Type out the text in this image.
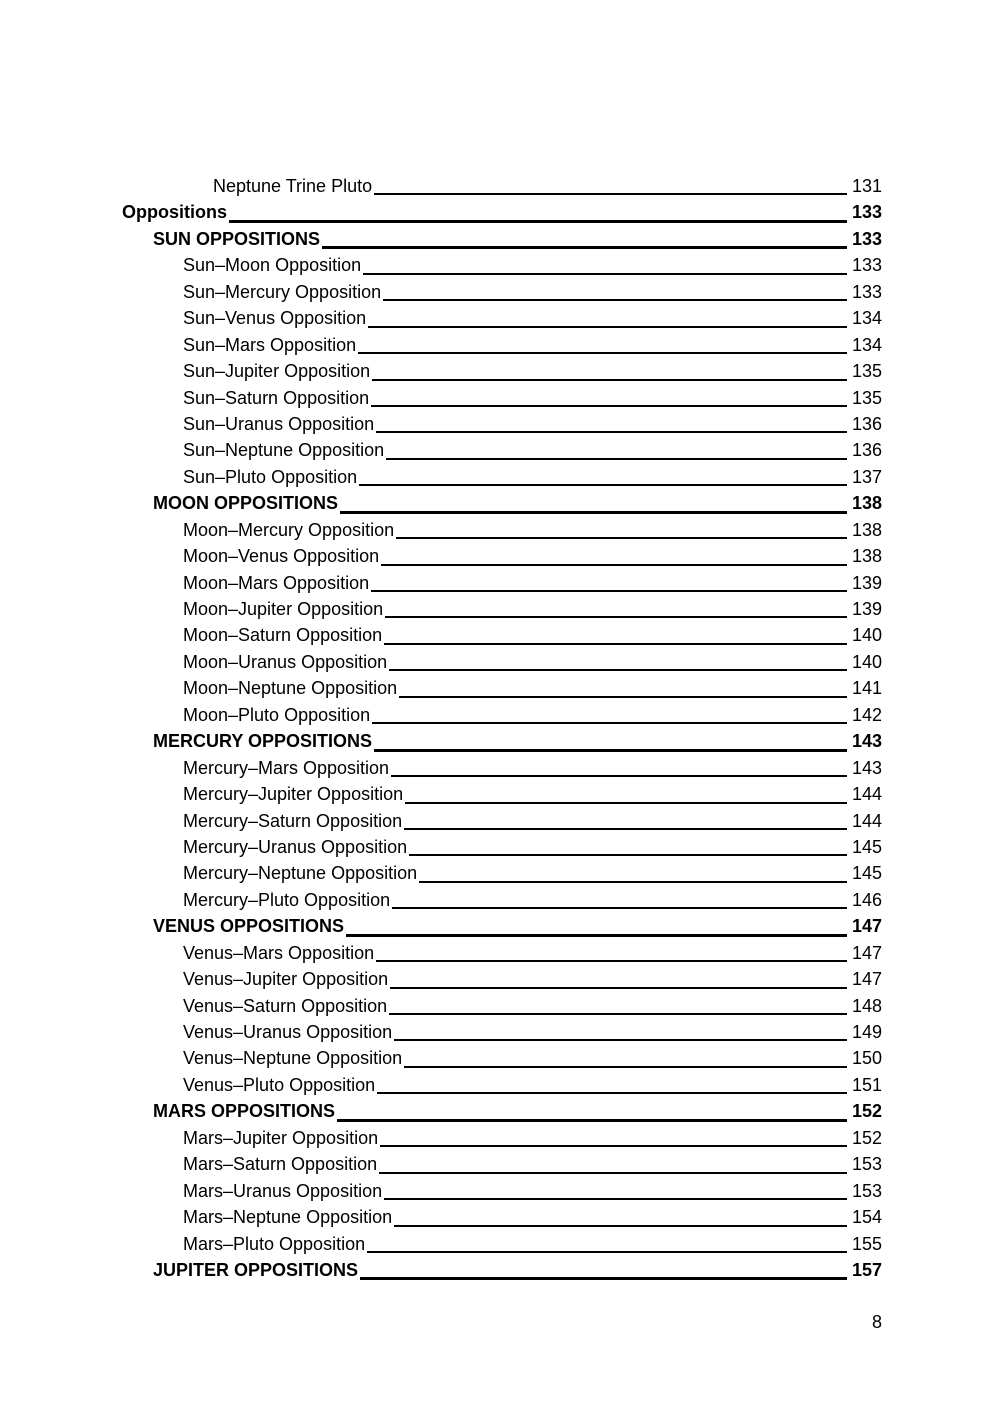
Neptune Trine Pluto	131
Oppositions	133
SUN OPPOSITIONS	133
Sun–Moon Opposition	133
Sun–Mercury Opposition	133
Sun–Venus Opposition	134
Sun–Mars Opposition	134
Sun–Jupiter Opposition	135
Sun–Saturn Opposition	135
Sun–Uranus Opposition	136
Sun–Neptune Opposition	136
Sun–Pluto Opposition	137
MOON OPPOSITIONS	138
Moon–Mercury Opposition	138
Moon–Venus Opposition	138
Moon–Mars Opposition	139
Moon–Jupiter Opposition	139
Moon–Saturn Opposition	140
Moon–Uranus Opposition	140
Moon–Neptune Opposition	141
Moon–Pluto Opposition	142
MERCURY OPPOSITIONS	143
Mercury–Mars Opposition	143
Mercury–Jupiter Opposition	144
Mercury–Saturn Opposition	144
Mercury–Uranus Opposition	145
Mercury–Neptune Opposition	145
Mercury–Pluto Opposition	146
VENUS OPPOSITIONS	147
Venus–Mars Opposition	147
Venus–Jupiter Opposition	147
Venus–Saturn Opposition	148
Venus–Uranus Opposition	149
Venus–Neptune Opposition	150
Venus–Pluto Opposition	151
MARS OPPOSITIONS	152
Mars–Jupiter Opposition	152
Mars–Saturn Opposition	153
Mars–Uranus Opposition	153
Mars–Neptune Opposition	154
Mars–Pluto Opposition	155
JUPITER OPPOSITIONS	157
8
